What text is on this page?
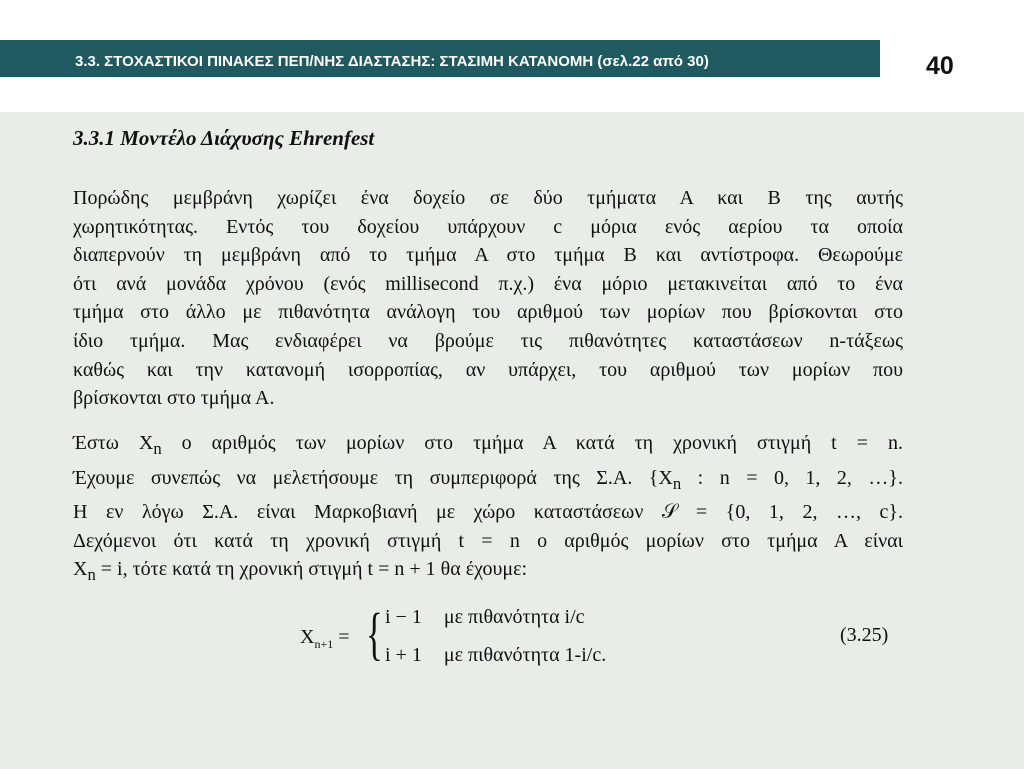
3.3. ΣΤΟΧΑΣΤΙΚΟΙ ΠΙΝΑΚΕΣ ΠΕΠ/ΝΗΣ ΔΙΑΣΤΑΣΗΣ: ΣΤΑΣΙΜΗ ΚΑΤΑΝΟΜΗ (σελ.22 από 30)	40
3.3.1 Μοντέλο Διάχυσης Ehrenfest
Πορώδης μεμβράνη χωρίζει ένα δοχείο σε δύο τμήματα Α και Β της αυτής
χωρητικότητας. Εντός του δοχείου υπάρχουν c μόρια ενός αερίου τα οποία
διαπερνούν τη μεμβράνη από το τμήμα Α στο τμήμα Β και αντίστροφα. Θεωρούμε
ότι ανά μονάδα χρόνου (ενός millisecond π.χ.) ένα μόριο μετακινείται από το ένα
τμήμα στο άλλο με πιθανότητα ανάλογη του αριθμού των μορίων που βρίσκονται στο
ίδιο τμήμα. Μας ενδιαφέρει να βρούμε τις πιθανότητες καταστάσεων n-τάξεως
καθώς και την κατανομή ισορροπίας, αν υπάρχει, του αριθμού των μορίων που
βρίσκονται στο τμήμα Α.
Έστω $X_n$ ο αριθμός των μορίων στο τμήμα Α κατά τη χρονική στιγμή t = n.
Έχουμε συνεπώς να μελετήσουμε τη συμπεριφορά της Σ.Α. {$X_n$ : n = 0, 1, 2, …}.
Η εν λόγω Σ.Α. είναι Μαρκοβιανή με χώρο καταστάσεων 𝒮 = {0, 1, 2, …, c}.
Δεχόμενοι ότι κατά τη χρονική στιγμή t = n ο αριθμός μορίων στο τμήμα Α είναι
$X_n = i$, τότε κατά τη χρονική στιγμή t = n + 1 θα έχουμε:
$X_{n+1}$ = { i − 1 με πιθανότητα i/c
i + 1 με πιθανότητα 1-i/c.
(3.25)
